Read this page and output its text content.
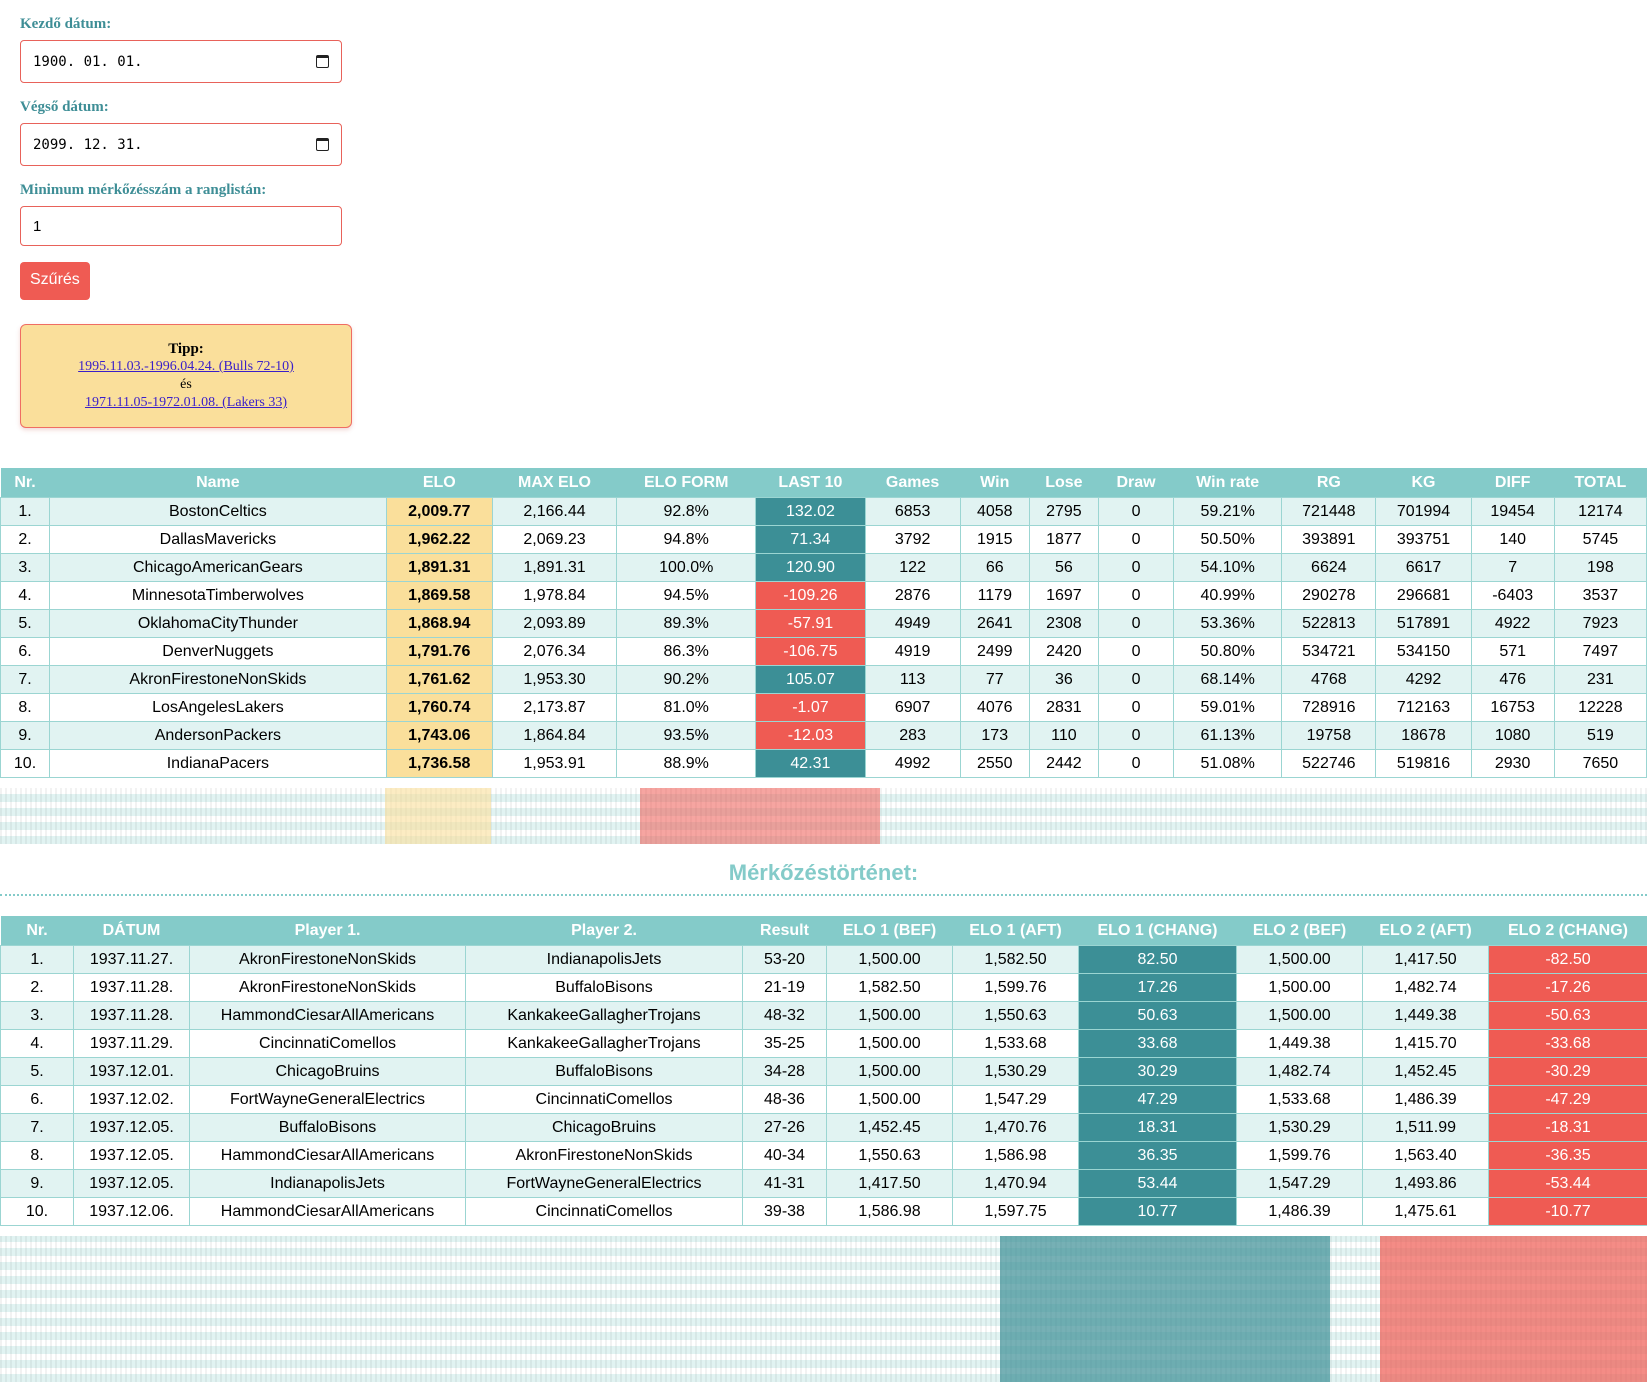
Kezdő dátum:
1900. 01. 01.
Végső dátum:
2099. 12. 31.
Minimum mérkőzésszám a ranglistán:
1
Szűrés
Tipp:
1995.11.03.-1996.04.24. (Bulls 72-10)
és
1971.11.05-1972.01.08. (Lakers 33)
Nr.	Name	ELO	MAX ELO	ELO FORM	LAST 10	Games	Win	Lose	Draw	Win rate	RG	KG	DIFF	TOTAL
1.	BostonCeltics	2,009.77	2,166.44	92.8%	132.02	6853	4058	2795	0	59.21%	721448	701994	19454	12174
2.	DallasMavericks	1,962.22	2,069.23	94.8%	71.34	3792	1915	1877	0	50.50%	393891	393751	140	5745
3.	ChicagoAmericanGears	1,891.31	1,891.31	100.0%	120.90	122	66	56	0	54.10%	6624	6617	7	198
4.	MinnesotaTimberwolves	1,869.58	1,978.84	94.5%	-109.26	2876	1179	1697	0	40.99%	290278	296681	-6403	3537
5.	OklahomaCityThunder	1,868.94	2,093.89	89.3%	-57.91	4949	2641	2308	0	53.36%	522813	517891	4922	7923
6.	DenverNuggets	1,791.76	2,076.34	86.3%	-106.75	4919	2499	2420	0	50.80%	534721	534150	571	7497
7.	AkronFirestoneNonSkids	1,761.62	1,953.30	90.2%	105.07	113	77	36	0	68.14%	4768	4292	476	231
8.	LosAngelesLakers	1,760.74	2,173.87	81.0%	-1.07	6907	4076	2831	0	59.01%	728916	712163	16753	12228
9.	AndersonPackers	1,743.06	1,864.84	93.5%	-12.03	283	173	110	0	61.13%	19758	18678	1080	519
10.	IndianaPacers	1,736.58	1,953.91	88.9%	42.31	4992	2550	2442	0	51.08%	522746	519816	2930	7650
Mérkőzéstörténet:
Nr.	DÁTUM	Player 1.	Player 2.	Result	ELO 1 (BEF)	ELO 1 (AFT)	ELO 1 (CHANG)	ELO 2 (BEF)	ELO 2 (AFT)	ELO 2 (CHANG)
1.	1937.11.27.	AkronFirestoneNonSkids	IndianapolisJets	53-20	1,500.00	1,582.50	82.50	1,500.00	1,417.50	-82.50
2.	1937.11.28.	AkronFirestoneNonSkids	BuffaloBisons	21-19	1,582.50	1,599.76	17.26	1,500.00	1,482.74	-17.26
3.	1937.11.28.	HammondCiesarAllAmericans	KankakeeGallagherTrojans	48-32	1,500.00	1,550.63	50.63	1,500.00	1,449.38	-50.63
4.	1937.11.29.	CincinnatiComellos	KankakeeGallagherTrojans	35-25	1,500.00	1,533.68	33.68	1,449.38	1,415.70	-33.68
5.	1937.12.01.	ChicagoBruins	BuffaloBisons	34-28	1,500.00	1,530.29	30.29	1,482.74	1,452.45	-30.29
6.	1937.12.02.	FortWayneGeneralElectrics	CincinnatiComellos	48-36	1,500.00	1,547.29	47.29	1,533.68	1,486.39	-47.29
7.	1937.12.05.	BuffaloBisons	ChicagoBruins	27-26	1,452.45	1,470.76	18.31	1,530.29	1,511.99	-18.31
8.	1937.12.05.	HammondCiesarAllAmericans	AkronFirestoneNonSkids	40-34	1,550.63	1,586.98	36.35	1,599.76	1,563.40	-36.35
9.	1937.12.05.	IndianapolisJets	FortWayneGeneralElectrics	41-31	1,417.50	1,470.94	53.44	1,547.29	1,493.86	-53.44
10.	1937.12.06.	HammondCiesarAllAmericans	CincinnatiComellos	39-38	1,586.98	1,597.75	10.77	1,486.39	1,475.61	-10.77
